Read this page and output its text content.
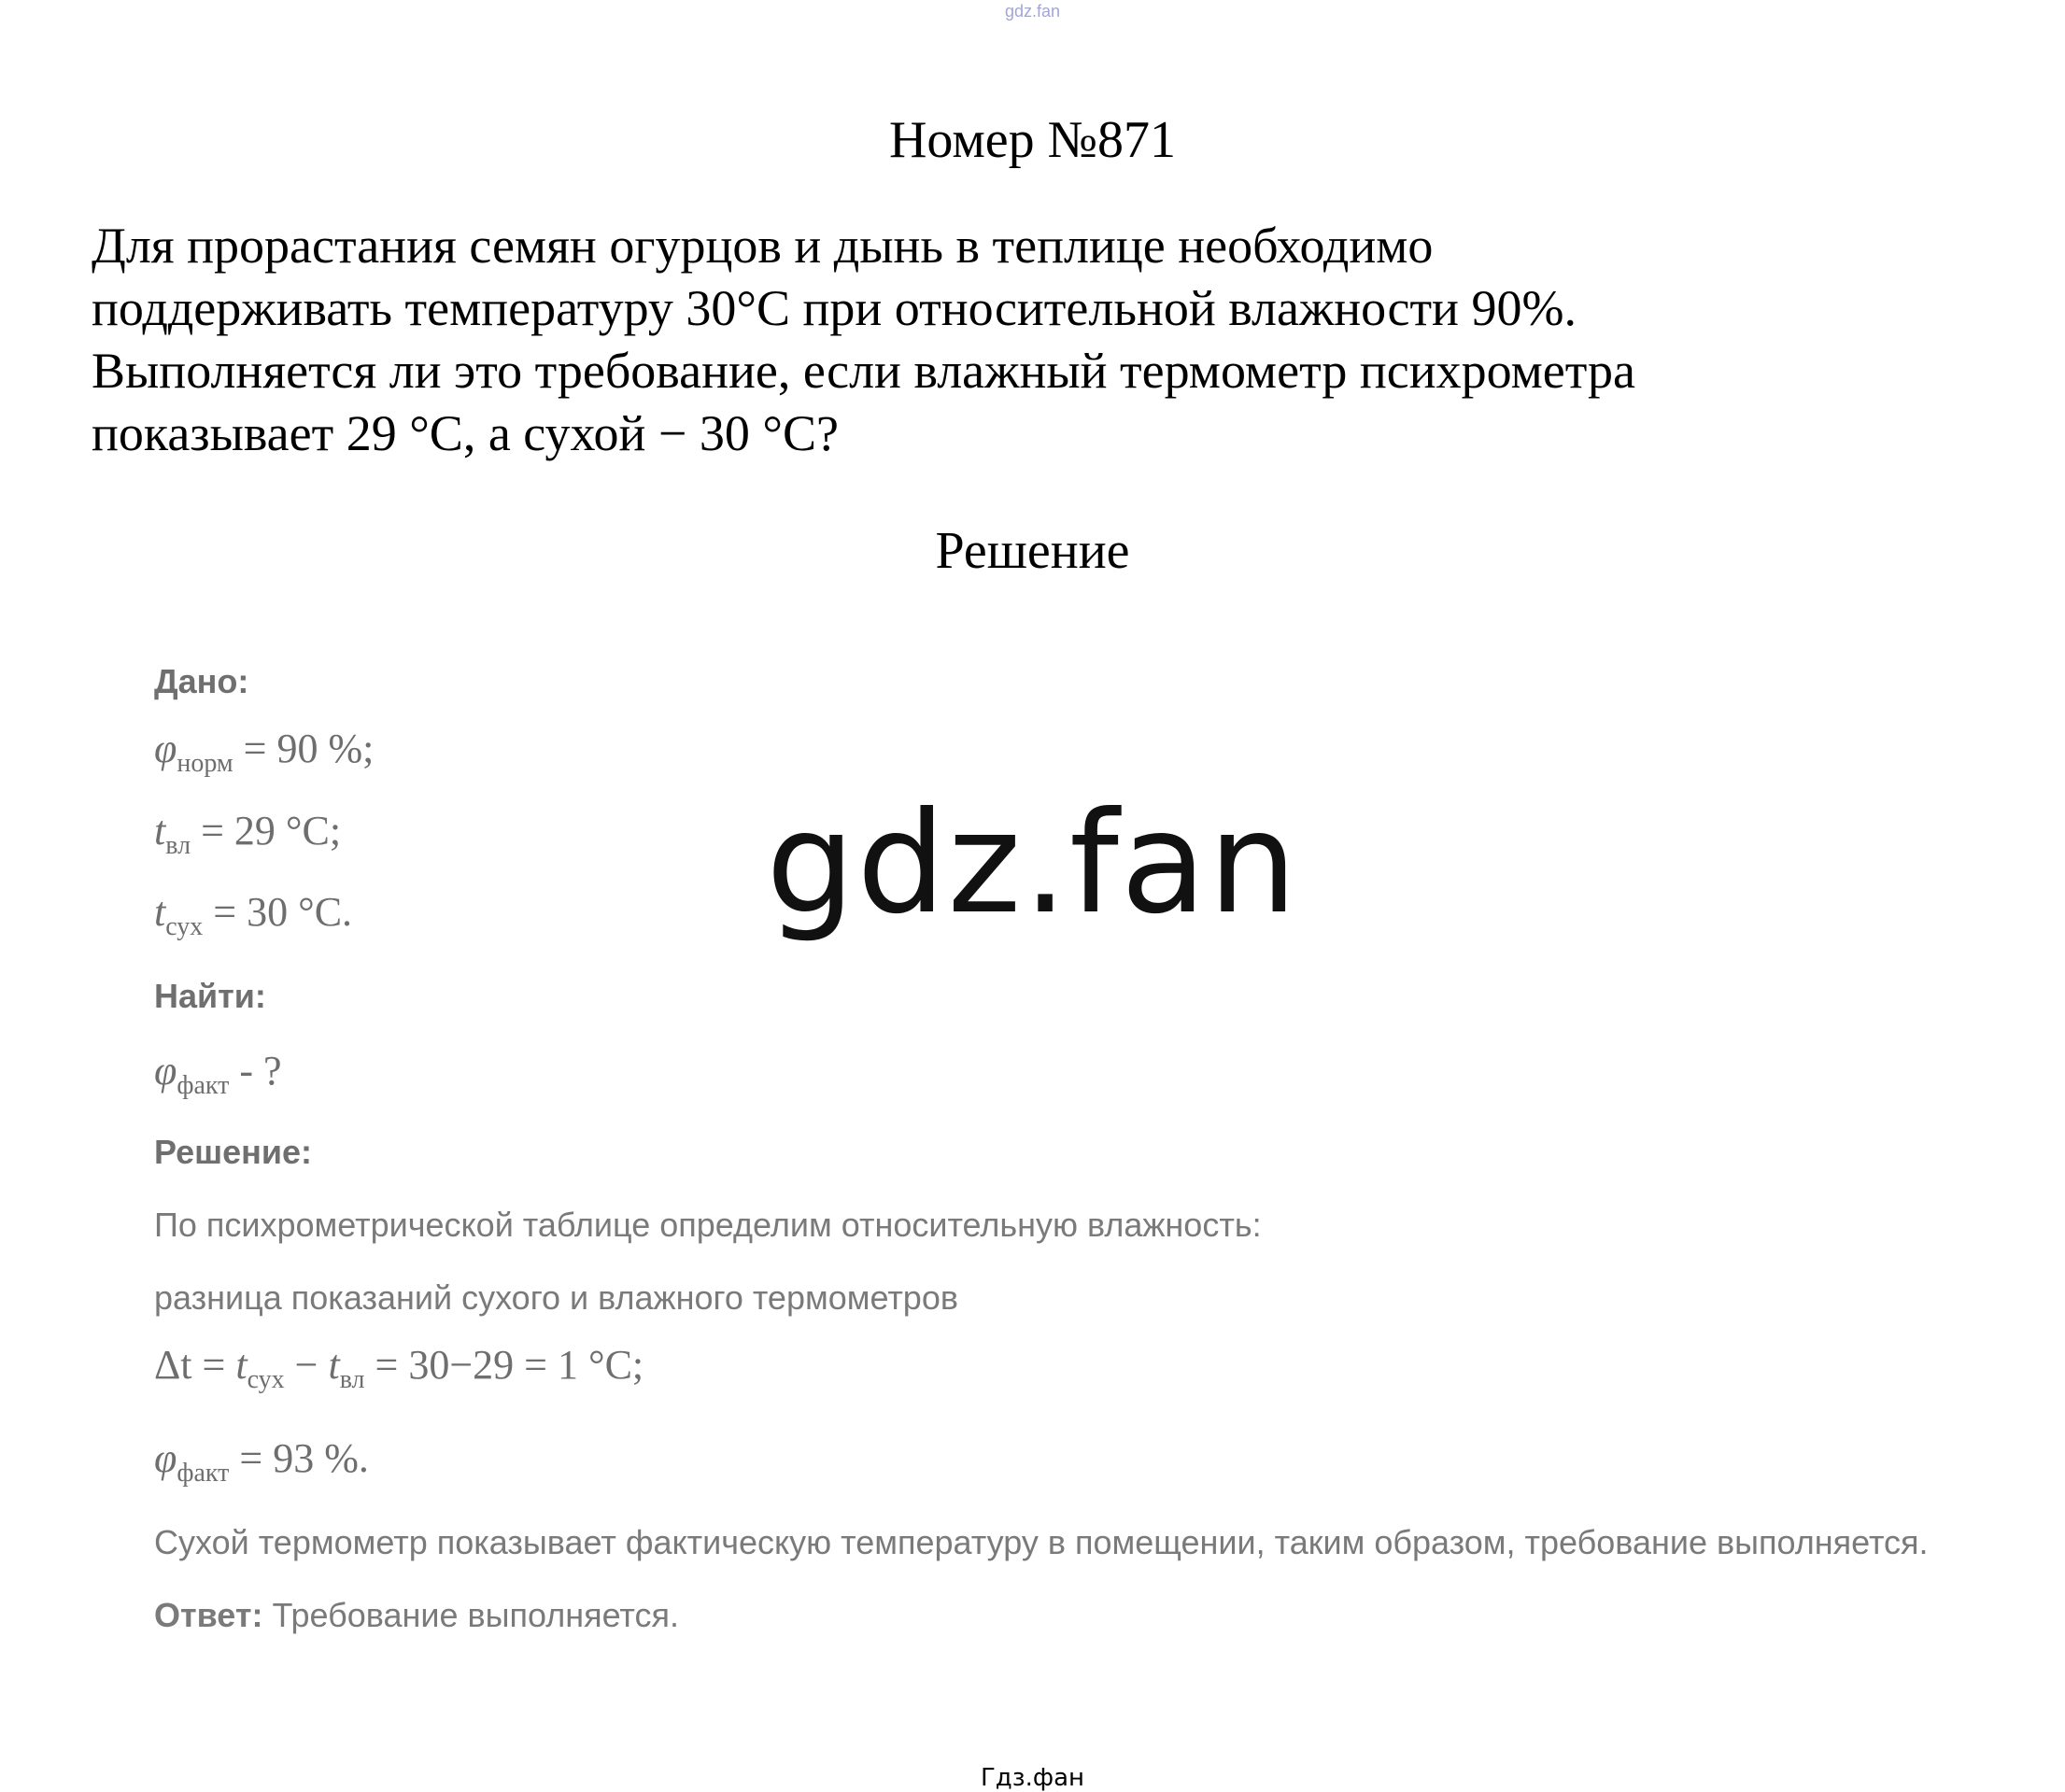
gdz.fan
Номер №871
Для прорастания семян огурцов и дынь в теплице необходимо
поддерживать температуру 30°C при относительной влажности 90%.
Выполняется ли это требование, если влажный термометр психрометра
показывает 29 °C, а сухой − 30 °C?
Решение
Дано:
$\varphi_{норм} = 90$ %;
$t_{вл} = 29$ °C;
$t_{сух} = 30$ °C.
Найти:
$\varphi_{факт}$ - ?
Решение:
По психрометрической таблице определим относительную влажность:
разница показаний сухого и влажного термометров
$\Delta t = t_{сух} - t_{вл} = 30-29 = 1$ °C;
$\varphi_{факт} = 93$ %.
Сухой термометр показывает фактическую температуру в помещении, таким образом, требование выполняется.
Ответ: Требование выполняется.
gdz.fan
Гдз.фан
